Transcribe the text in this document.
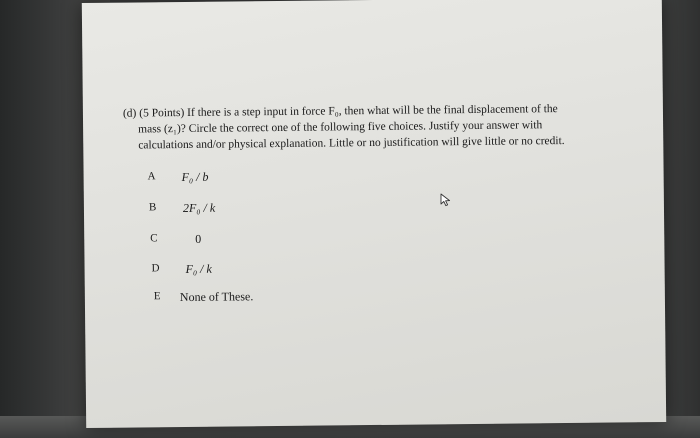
(d) (5 Points) If there is a step input in force F₀, then what will be the final displacement of the

mass (z₁)? Circle the correct one of the following five choices. Justify your answer with

calculations and/or physical explanation. Little or no justification will give little or no credit.

A F₀ / b
B 2F₀ / k
C	0
D F₀ / k
E None of These.
